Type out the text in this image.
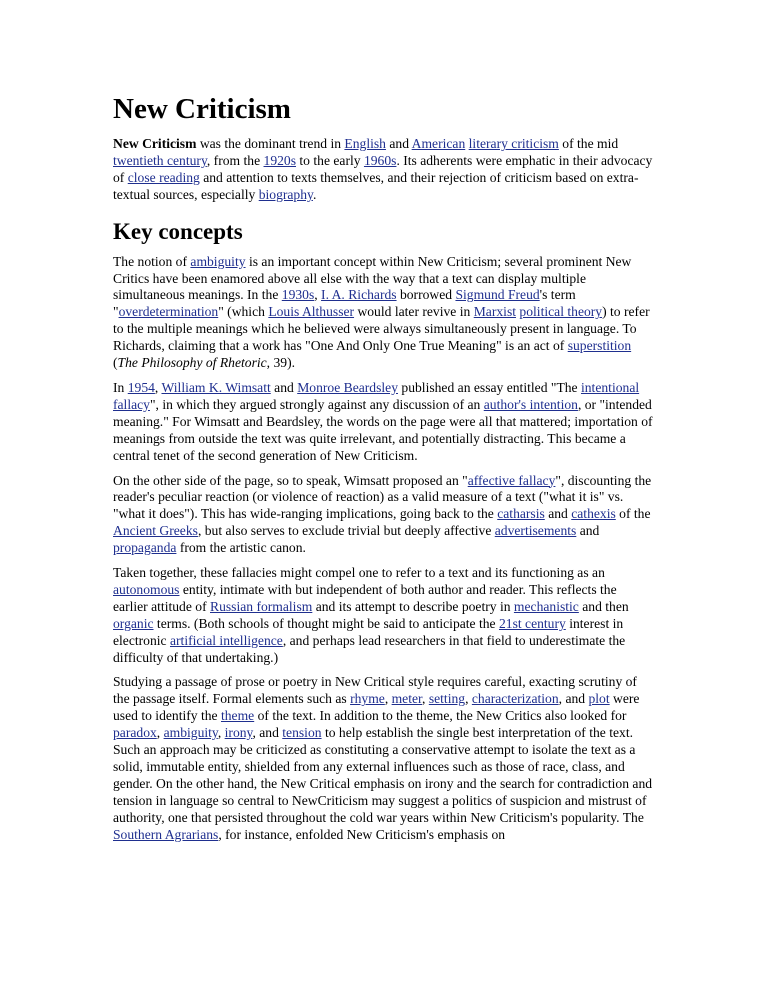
New Criticism

New Criticism was the dominant trend in English and American literary criticism of the mid twentieth century, from the 1920s to the early 1960s. Its adherents were emphatic in their advocacy of close reading and attention to texts themselves, and their rejection of criticism based on extra-textual sources, especially biography.

Key concepts

The notion of ambiguity is an important concept within New Criticism; several prominent New Critics have been enamored above all else with the way that a text can display multiple simultaneous meanings. In the 1930s, I. A. Richards borrowed Sigmund Freud's term "overdetermination" (which Louis Althusser would later revive in Marxist political theory) to refer to the multiple meanings which he believed were always simultaneously present in language. To Richards, claiming that a work has "One And Only One True Meaning" is an act of superstition (The Philosophy of Rhetoric, 39).

In 1954, William K. Wimsatt and Monroe Beardsley published an essay entitled "The intentional fallacy", in which they argued strongly against any discussion of an author's intention, or "intended meaning." For Wimsatt and Beardsley, the words on the page were all that mattered; importation of meanings from outside the text was quite irrelevant, and potentially distracting. This became a central tenet of the second generation of New Criticism.

On the other side of the page, so to speak, Wimsatt proposed an "affective fallacy", discounting the reader's peculiar reaction (or violence of reaction) as a valid measure of a text ("what it is" vs. "what it does"). This has wide-ranging implications, going back to the catharsis and cathexis of the Ancient Greeks, but also serves to exclude trivial but deeply affective advertisements and propaganda from the artistic canon.

Taken together, these fallacies might compel one to refer to a text and its functioning as an autonomous entity, intimate with but independent of both author and reader. This reflects the earlier attitude of Russian formalism and its attempt to describe poetry in mechanistic and then organic terms. (Both schools of thought might be said to anticipate the 21st century interest in electronic artificial intelligence, and perhaps lead researchers in that field to underestimate the difficulty of that undertaking.)

Studying a passage of prose or poetry in New Critical style requires careful, exacting scrutiny of the passage itself. Formal elements such as rhyme, meter, setting, characterization, and plot were used to identify the theme of the text. In addition to the theme, the New Critics also looked for paradox, ambiguity, irony, and tension to help establish the single best interpretation of the text. Such an approach may be criticized as constituting a conservative attempt to isolate the text as a solid, immutable entity, shielded from any external influences such as those of race, class, and gender. On the other hand, the New Critical emphasis on irony and the search for contradiction and tension in language so central to NewCriticism may suggest a politics of suspicion and mistrust of authority, one that persisted throughout the cold war years within New Criticism's popularity. The Southern Agrarians, for instance, enfolded New Criticism's emphasis on
